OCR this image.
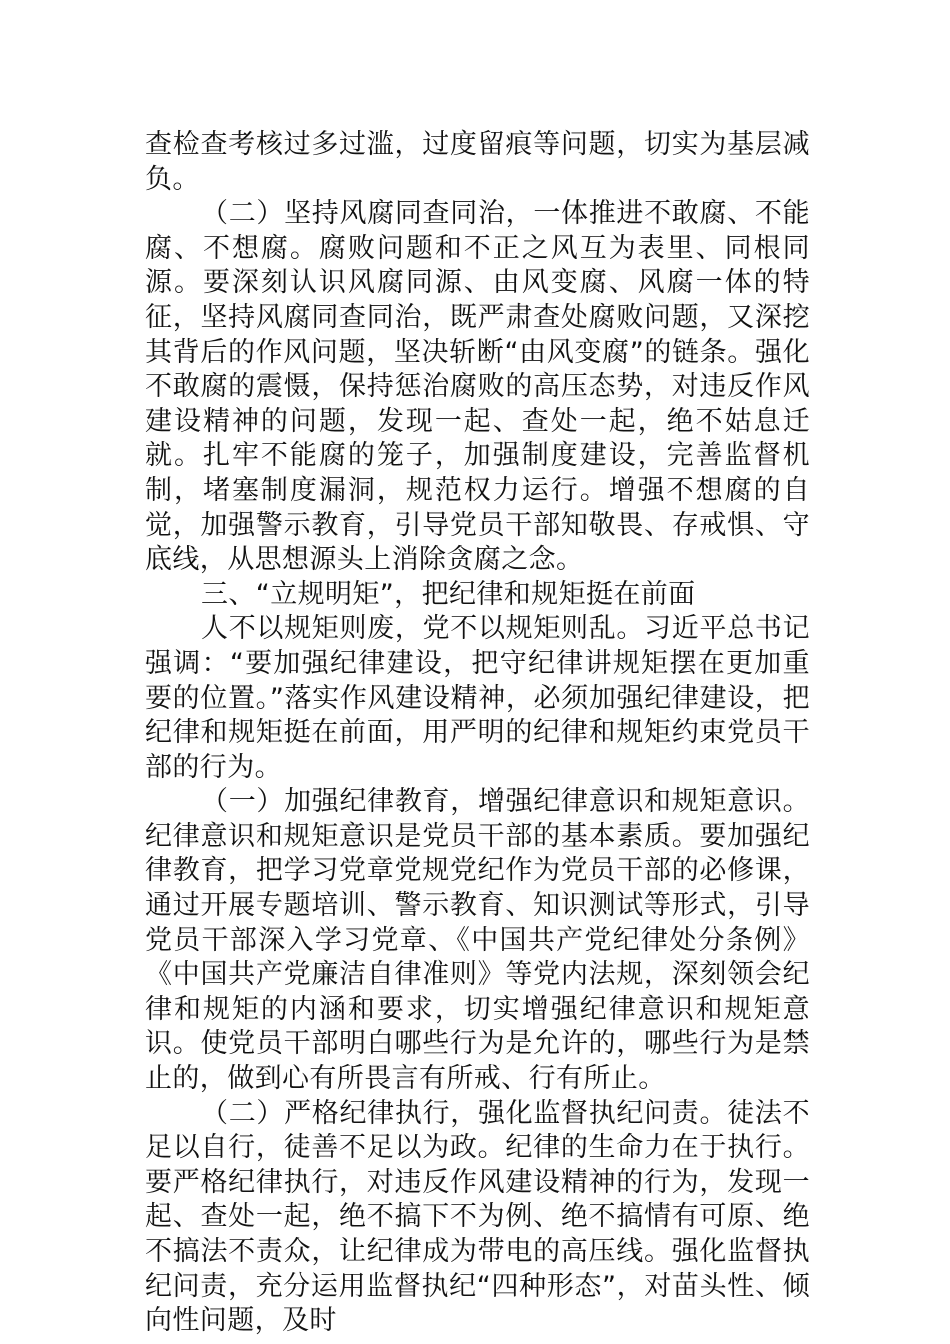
查检查考核过多过滥，过度留痕等问题，切实为基层减负。

（二）坚持风腐同查同治，一体推进不敢腐、不能腐、不想腐。腐败问题和不正之风互为表里、同根同源。要深刻认识风腐同源、由风变腐、风腐一体的特征，坚持风腐同查同治，既严肃查处腐败问题，又深挖其背后的作风问题，坚决斩断“由风变腐”的链条。强化不敢腐的震慑，保持惩治腐败的高压态势，对违反作风建设精神的问题，发现一起、查处一起，绝不姑息迁就。扎牢不能腐的笼子，加强制度建设，完善监督机制，堵塞制度漏洞，规范权力运行。增强不想腐的自觉，加强警示教育，引导党员干部知敬畏、存戒惧、守底线，从思想源头上消除贪腐之念。

三、“立规明矩”，把纪律和规矩挺在前面

人不以规矩则废，党不以规矩则乱。习近平总书记强调：“要加强纪律建设，把守纪律讲规矩摆在更加重要的位置。”落实作风建设精神，必须加强纪律建设，把纪律和规矩挺在前面，用严明的纪律和规矩约束党员干部的行为。

（一）加强纪律教育，增强纪律意识和规矩意识。纪律意识和规矩意识是党员干部的基本素质。要加强纪律教育，把学习党章党规党纪作为党员干部的必修课，通过开展专题培训、警示教育、知识测试等形式，引导党员干部深入学习党章、《中国共产党纪律处分条例》《中国共产党廉洁自律准则》等党内法规，深刻领会纪律和规矩的内涵和要求，切实增强纪律意识和规矩意识。使党员干部明白哪些行为是允许的，哪些行为是禁止的，做到心有所畏言有所戒、行有所止。

（二）严格纪律执行，强化监督执纪问责。徒法不足以自行，徒善不足以为政。纪律的生命力在于执行。要严格纪律执行，对违反作风建设精神的行为，发现一起、查处一起，绝不搞下不为例、绝不搞情有可原、绝不搞法不责众，让纪律成为带电的高压线。强化监督执纪问责，充分运用监督执纪“四种形态”，对苗头性、倾向性问题，及时
